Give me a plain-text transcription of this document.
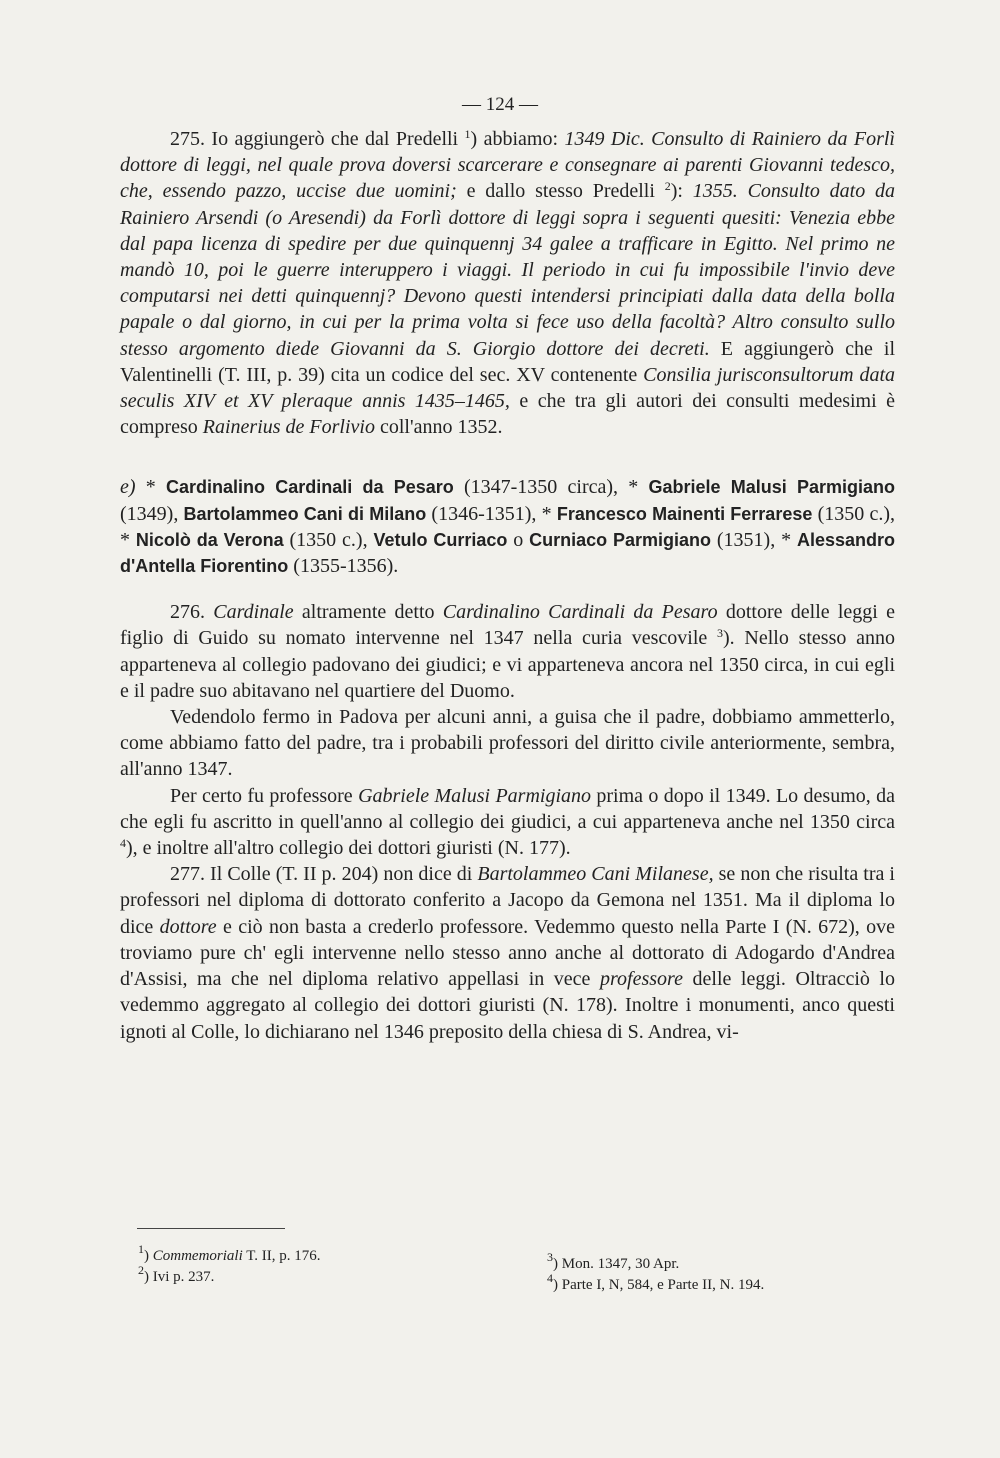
— 124 —

275. Io aggiungerò che dal Predelli $^1$) abbiamo: 1349 Dic. Consulto di Rainiero da Forlì dottore di leggi, nel quale prova doversi scarcerare e consegnare ai parenti Giovanni tedesco, che, essendo pazzo, uccise due uomini; e dallo stesso Predelli $^2$): 1355. Consulto dato da Rainiero Arsendi (o Aresendi) da Forlì dottore di leggi sopra i seguenti quesiti: Venezia ebbe dal papa licenza di spedire per due quinquennj 34 galee a trafficare in Egitto. Nel primo ne mandò 10, poi le guerre interuppero i viaggi. Il periodo in cui fu impossibile l'invio deve computarsi nei detti quinquennj? Devono questi intendersi principiati dalla data della bolla papale o dal giorno, in cui per la prima volta si fece uso della facoltà? Altro consulto sullo stesso argomento diede Giovanni da S. Giorgio dottore dei decreti. E aggiungerò che il Valentinelli (T. III, p. 39) cita un codice del sec. XV contenente Consilia jurisconsultorum data seculis XIV et XV pleraque annis 1435–1465, e che tra gli autori dei consulti medesimi è compreso Rainerius de Forlivio coll'anno 1352.

e) * Cardinalino Cardinali da Pesaro (1347-1350 circa), * Gabriele Malusi Parmigiano (1349), Bartolammeo Cani di Milano (1346-1351), * Francesco Mainenti Ferrarese (1350 c.), * Nicolò da Verona (1350 c.), Vetulo Curriaco o Curniaco Parmigiano (1351), * Alessandro d'Antella Fiorentino (1355-1356).

276. Cardinale altramente detto Cardinalino Cardinali da Pesaro dottore delle leggi e figlio di Guido su nomato intervenne nel 1347 nella curia vescovile $^3$). Nello stesso anno apparteneva al collegio padovano dei giudici; e vi apparteneva ancora nel 1350 circa, in cui egli e il padre suo abitavano nel quartiere del Duomo.

Vedendolo fermo in Padova per alcuni anni, a guisa che il padre, dobbiamo ammetterlo, come abbiamo fatto del padre, tra i probabili professori del diritto civile anteriormente, sembra, all'anno 1347.

Per certo fu professore Gabriele Malusi Parmigiano prima o dopo il 1349. Lo desumo, da che egli fu ascritto in quell'anno al collegio dei giudici, a cui apparteneva anche nel 1350 circa $^4$), e inoltre all'altro collegio dei dottori giuristi (N. 177).

277. Il Colle (T. II p. 204) non dice di Bartolammeo Cani Milanese, se non che risulta tra i professori nel diploma di dottorato conferito a Jacopo da Gemona nel 1351. Ma il diploma lo dice dottore e ciò non basta a crederlo professore. Vedemmo questo nella Parte I (N. 672), ove troviamo pure ch' egli intervenne nello stesso anno anche al dottorato di Adogardo d'Andrea d'Assisi, ma che nel diploma relativo appellasi in vece professore delle leggi. Oltracciò lo vedemmo aggregato al collegio dei dottori giuristi (N. 178). Inoltre i monumenti, anco questi ignoti al Colle, lo dichiarano nel 1346 preposito della chiesa di S. Andrea, vi-

$^1$) Commemoriali T. II, p. 176.
$^2$) Ivi p. 237.
$^3$) Mon. 1347, 30 Apr.
$^4$) Parte I, N, 584, e Parte II, N. 194.
